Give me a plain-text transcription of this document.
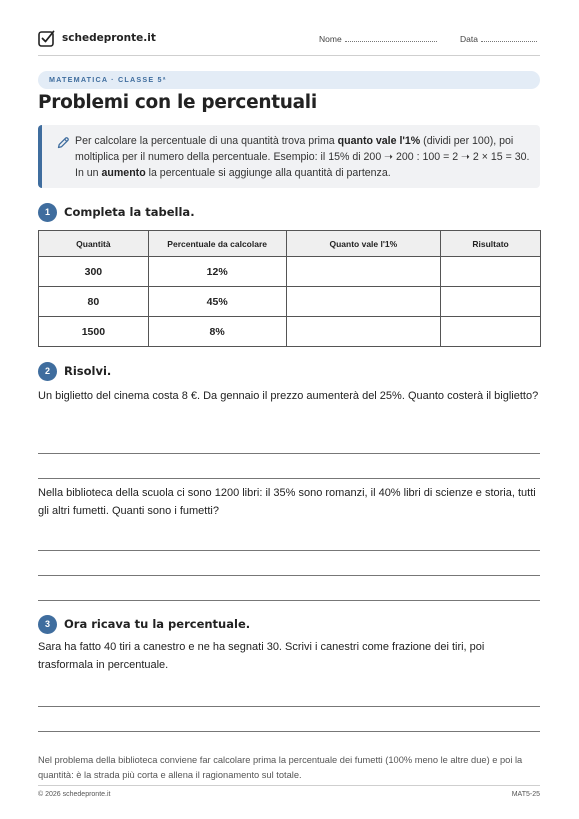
schedepronte.it	Nome	Data
MATEMATICA · CLASSE 5ª
Problemi con le percentuali
Per calcolare la percentuale di una quantità trova prima quanto vale l'1% (dividi per 100), poi moltiplica per il numero della percentuale. Esempio: il 15% di 200 ➝ 200 : 100 = 2 ➝ 2 × 15 = 30. In un aumento la percentuale si aggiunge alla quantità di partenza.
1	Completa la tabella.
Quantità	Percentuale da calcolare	Quanto vale l'1%	Risultato
300	12%		
80	45%		
1500	8%		
2	Risolvi.
Un biglietto del cinema costa 8 €. Da gennaio il prezzo aumenterà del 25%. Quanto costerà il biglietto?
Nella biblioteca della scuola ci sono 1200 libri: il 35% sono romanzi, il 40% libri di scienze e storia, tutti gli altri fumetti. Quanti sono i fumetti?
3	Ora ricava tu la percentuale.
Sara ha fatto 40 tiri a canestro e ne ha segnati 30. Scrivi i canestri come frazione dei tiri, poi trasformala in percentuale.
Nel problema della biblioteca conviene far calcolare prima la percentuale dei fumetti (100% meno le altre due) e poi la quantità: è la strada più corta e allena il ragionamento sul totale.
© 2026 schedepronte.it	MAT5-25
